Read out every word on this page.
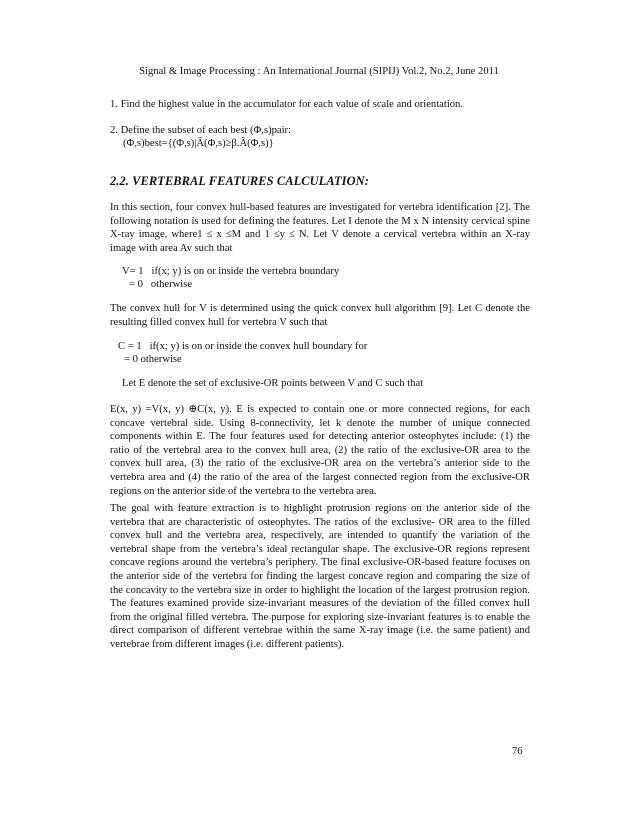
Signal & Image Processing : An International Journal (SIPIJ) Vol.2, No.2, June 2011

1. Find the highest value in the accumulator for each value of scale and orientation.

2. Define the subset of each best (Φ,s)pair:

(Φ,s)best={(Φ,s)|Â(Φ,s)≥β.Â(Φ,s)}

2.2. VERTEBRAL FEATURES CALCULATION:

In this section, four convex hull-based features are investigated for vertebra identification [2]. The following notation is used for defining the features. Let I denote the M x N intensity cervical spine X-ray image, where1 ≤ x ≤M and 1 ≤y ≤ N. Let V denote a cervical vertebra within an X-ray image with area Av such that

V= 1   if(x; y) is on or inside the vertebra boundary

= 0   otherwise

The convex hull for V is determined using the quick convex hull algorithm [9]. Let C denote the resulting filled convex hull for vertebra V such that

C = 1   if(x; y) is on or inside the convex hull boundary for

= 0 otherwise

Let E denote the set of exclusive-OR points between V and C such that

E(x, y) =V(x, y) ⊕C(x, y). E is expected to contain one or more connected regions, for each concave vertebral side. Using 8-connectivity, let k denote the number of unique connected components within E. The four features used for detecting anterior osteophytes include: (1) the ratio of the vertebral area to the convex hull area, (2) the ratio of the exclusive-OR area to the convex hull area, (3) the ratio of the exclusive-OR area on the vertebra’s anterior side to the vertebra area and (4) the ratio of the area of the largest connected region from the exclusive-OR regions on the anterior side of the vertebra to the vertebra area.

The goal with feature extraction is to highlight protrusion regions on the anterior side of the vertebra that are characteristic of osteophytes. The ratios of the exclusive- OR area to the filled convex hull and the vertebra area, respectively, are intended to quantify the variation of the vertebral shape from the vertebra’s ideal rectangular shape. The exclusive-OR regions represent concave regions around the vertebra’s periphery. The final exclusive-OR-based feature focuses on the anterior side of the vertebra for finding the largest concave region and comparing the size of the concavity to the vertebra size in order to highlight the location of the largest protrusion region. The features examined provide size-invariant measures of the deviation of the filled convex hull from the original filled vertebra. The purpose for exploring size-invariant features is to enable the direct comparison of different vertebrae within the same X-ray image (i.e. the same patient) and vertebrae from different images (i.e. different patients).

76
